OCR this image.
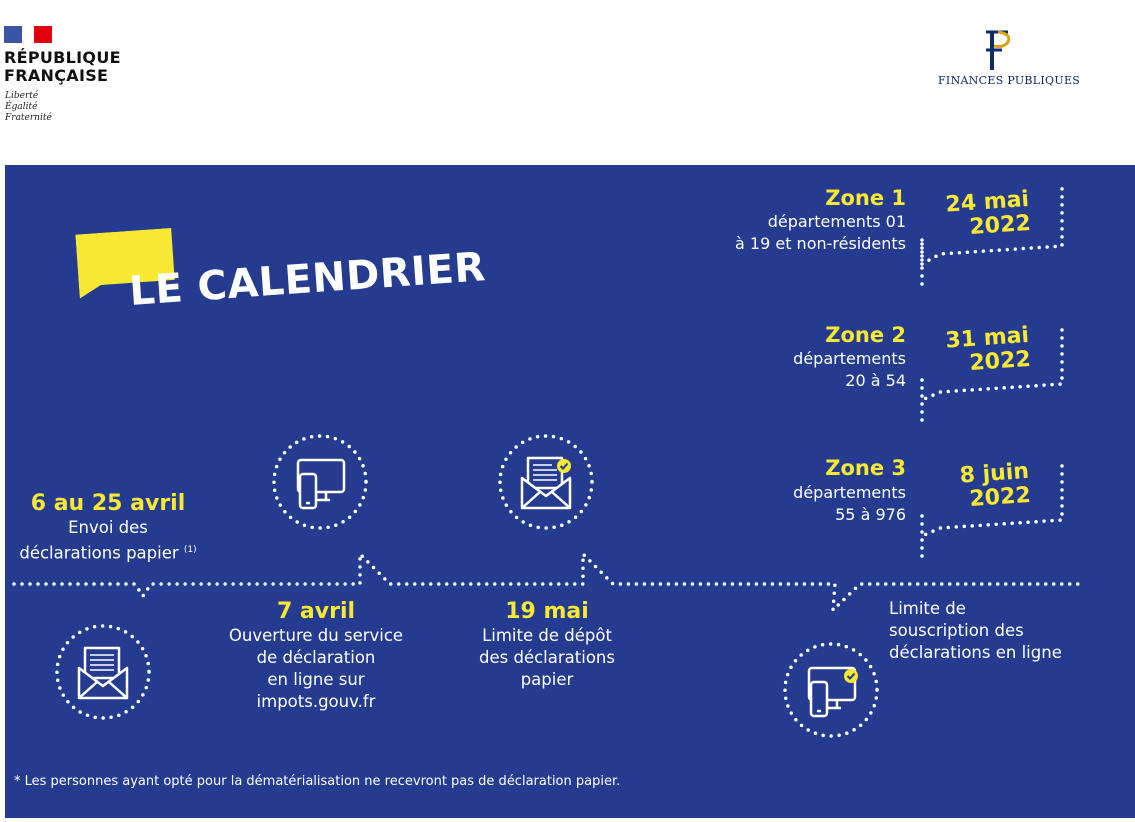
RÉPUBLIQUE
FRANÇAISE
Liberté
Égalité
Fraternité
FINANCES PUBLIQUES
LE CALENDRIER
Zone 1
départements 01
à 19 et non-résidents
24 mai
2022
Zone 2
départements
20 à 54
31 mai
2022
Zone 3
départements
55 à 976
8 juin
2022
6 au 25 avril
Envoi des
déclarations papier $^{(1)}$
7 avril
Ouverture du service
de déclaration
en ligne sur
impots.gouv.fr
19 mai
Limite de dépôt
des déclarations
papier
Limite de
souscription des
déclarations en ligne
* Les personnes ayant opté pour la dématérialisation ne recevront pas de déclaration papier.
